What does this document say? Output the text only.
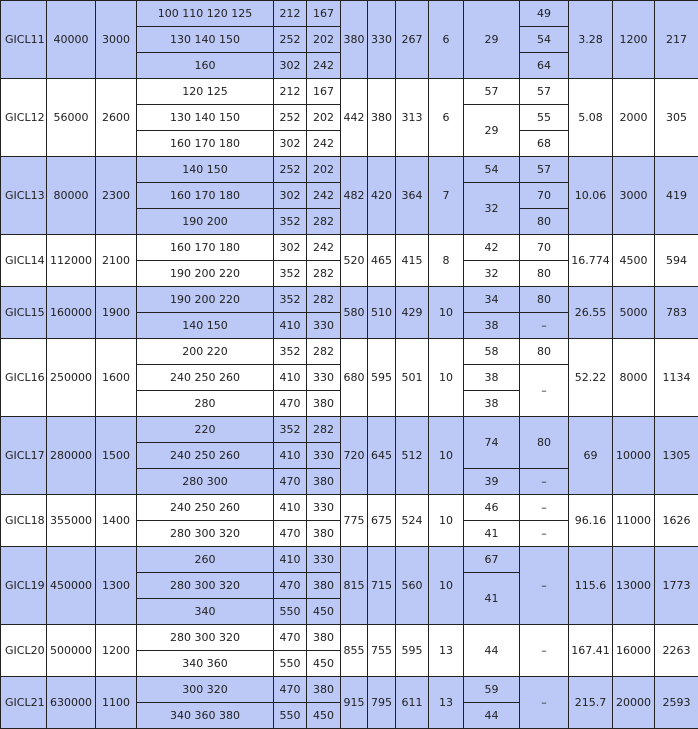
GICL11	40000	3000	100 110 120 125	212	167	380	330	267	6	29	49	3.28	1200	217
			130 140 150	252	202						54			
			160	302	242						64			
GICL12	56000	2600	120 125	212	167	442	380	313	6	57	57	5.08	2000	305
			130 140 150	252	202					29	55			
			160 170 180	302	242						68			
GICL13	80000	2300	140 150	252	202	482	420	364	7	54	57	10.06	3000	419
			160 170 180	302	242					32	70			
			190 200	352	282						80			
GICL14	112000	2100	160 170 180	302	242	520	465	415	8	42	70	16.774	4500	594
			190 200 220	352	282					32	80			
GICL15	160000	1900	190 200 220	352	282	580	510	429	10	34	80	26.55	5000	783
			140 150	410	330					38	–			
GICL16	250000	1600	200 220	352	282	680	595	501	10	58	80	52.22	8000	1134
			240 250 260	410	330					38	–			
			280	470	380					38				
GICL17	280000	1500	220	352	282	720	645	512	10	74	80	69	10000	1305
			240 250 260	410	330									
			280 300	470	380					39	–			
GICL18	355000	1400	240 250 260	410	330	775	675	524	10	46	–	96.16	11000	1626
			280 300 320	470	380					41	–			
GICL19	450000	1300	260	410	330	815	715	560	10	67	–	115.6	13000	1773
			280 300 320	470	380					41				
			340	550	450									
GICL20	500000	1200	280 300 320	470	380	855	755	595	13	44	–	167.41	16000	2263
			340 360	550	450									
GICL21	630000	1100	300 320	470	380	915	795	611	13	59	–	215.7	20000	2593
			340 360 380	550	450					44				
